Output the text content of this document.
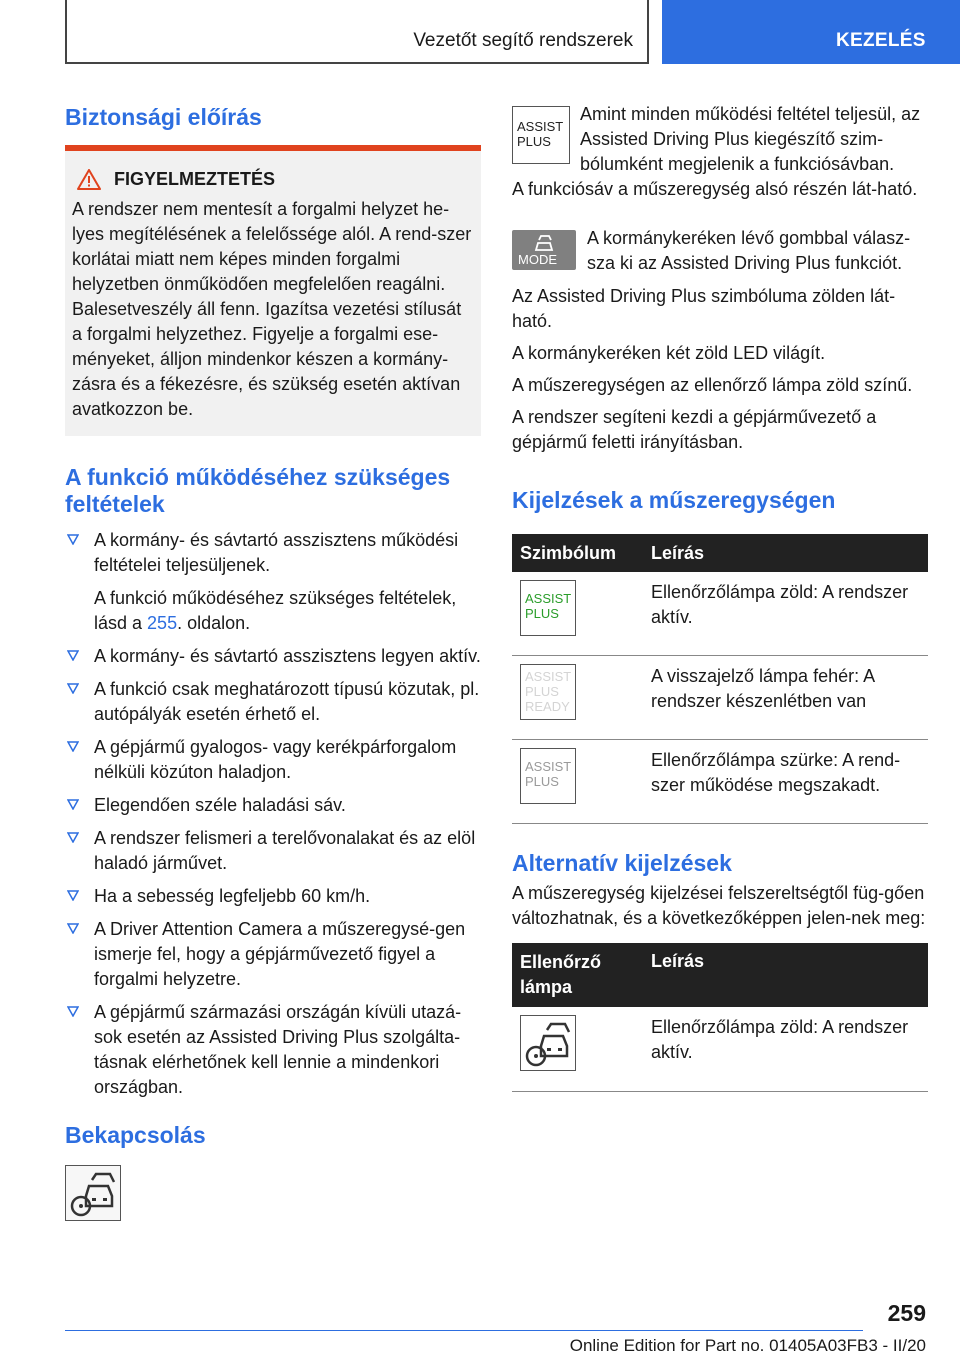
Vezetőt segítő rendszerek	KEZELÉS
Biztonsági előírás
FIGYELMEZTETÉS
A rendszer nem mentesít a forgalmi helyzet he-lyes megítélésének a felelőssége alól. A rend-szer korlátai miatt nem képes minden forgalmi helyzetben önműködően megfelelően reagálni. Balesetveszély áll fenn. Igazítsa vezetési stílusát a forgalmi helyzethez. Figyelje a forgalmi ese-ményeket, álljon mindenkor készen a kormány-zásra és a fékezésre, és szükség esetén aktívan avatkozzon be.
A funkció működéséhez szükséges feltételek
A kormány- és sávtartó asszisztens működési feltételei teljesüljenek.
A funkció működéséhez szükséges feltételek, lásd a 255. oldalon.
A kormány- és sávtartó asszisztens legyen aktív.
A funkció csak meghatározott típusú közutak, pl. autópályák esetén érhető el.
A gépjármű gyalogos- vagy kerékpárforgalom nélküli közúton haladjon.
Elegendően széle haladási sáv.
A rendszer felismeri a terelővonalakat és az elöl haladó járművet.
Ha a sebesség legfeljebb 60 km/h.
A Driver Attention Camera a műszeregysé-gen ismerje fel, hogy a gépjárművezető figyel a forgalmi helyzetre.
A gépjármű származási országán kívüli utazá-sok esetén az Assisted Driving Plus szolgálta-tásnak elérhetőnek kell lennie a mindenkori országban.
Bekapcsolás
ASSIST PLUS
Amint minden működési feltétel teljesül, az Assisted Driving Plus kiegészítő szim-bólumként megjelenik a funkciósávban.
A funkciósáv a műszeregység alsó részén lát-ható.
MODE
A kormánykeréken lévő gombbal válasz-sza ki az Assisted Driving Plus funkciót.
Az Assisted Driving Plus szimbóluma zölden lát-ható.
A kormánykeréken két zöld LED világít.
A műszeregységen az ellenőrző lámpa zöld színű.
A rendszer segíteni kezdi a gépjárművezető a gépjármű feletti irányításban.
Kijelzések a műszeregységen
Szimbólum	Leírás

ASSIST PLUS	Ellenőrzőlámpa zöld: A rendszer aktív.

ASSIST PLUS READY	A visszajelző lámpa fehér: A rendszer készenlétben van

ASSIST PLUS	Ellenőrzőlámpa szürke: A rend-szer működése megszakadt.
Alternatív kijelzések
A műszeregység kijelzései felszereltségtől füg-gően változhatnak, és a következőképpen jelen-nek meg:
Ellenőrző lámpa	Leírás
	Ellenőrzőlámpa zöld: A rendszer aktív.
259
Online Edition for Part no. 01405A03FB3 - II/20
